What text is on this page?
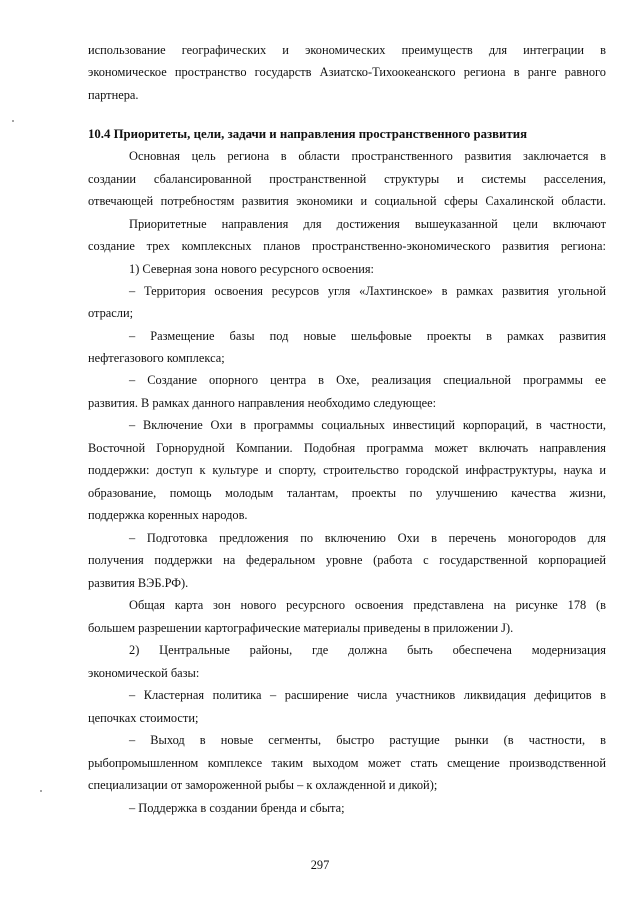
использование географических и экономических преимуществ для интеграции в
экономическое пространство государств Азиатско-Тихоокеанского региона в ранге равного
партнера.
10.4 Приоритеты, цели, задачи и направления пространственного развития
Основная цель региона в области пространственного развития заключается в
создании сбалансированной пространственной структуры и системы расселения,
отвечающей потребностям развития экономики и социальной сферы Сахалинской области.
Приоритетные направления для достижения вышеуказанной цели включают
создание трех комплексных планов пространственно-экономического развития региона:
1) Северная зона нового ресурсного освоения:
– Территория освоения ресурсов угля «Лахтинское» в рамках развития угольной
отрасли;
– Размещение базы под новые шельфовые проекты в рамках развития
нефтегазового комплекса;
– Создание опорного центра в Охе, реализация специальной программы ее
развития. В рамках данного направления необходимо следующее:
– Включение Охи в программы социальных инвестиций корпораций, в частности,
Восточной Горнорудной Компании. Подобная программа может включать направления
поддержки: доступ к культуре и спорту, строительство городской инфраструктуры, наука и
образование, помощь молодым талантам, проекты по улучшению качества жизни,
поддержка коренных народов.
– Подготовка предложения по включению Охи в перечень моногородов для
получения поддержки на федеральном уровне (работа с государственной корпорацией
развития ВЭБ.РФ).
Общая карта зон нового ресурсного освоения представлена на рисунке 178 (в
большем разрешении картографические материалы приведены в приложении J).
2) Центральные районы, где должна быть обеспечена модернизация
экономической базы:
– Кластерная политика – расширение числа участников ликвидация дефицитов в
цепочках стоимости;
– Выход в новые сегменты, быстро растущие рынки (в частности, в
рыбопромышленном комплексе таким выходом может стать смещение производственной
специализации от замороженной рыбы – к охлажденной и дикой);
– Поддержка в создании бренда и сбыта;
297
